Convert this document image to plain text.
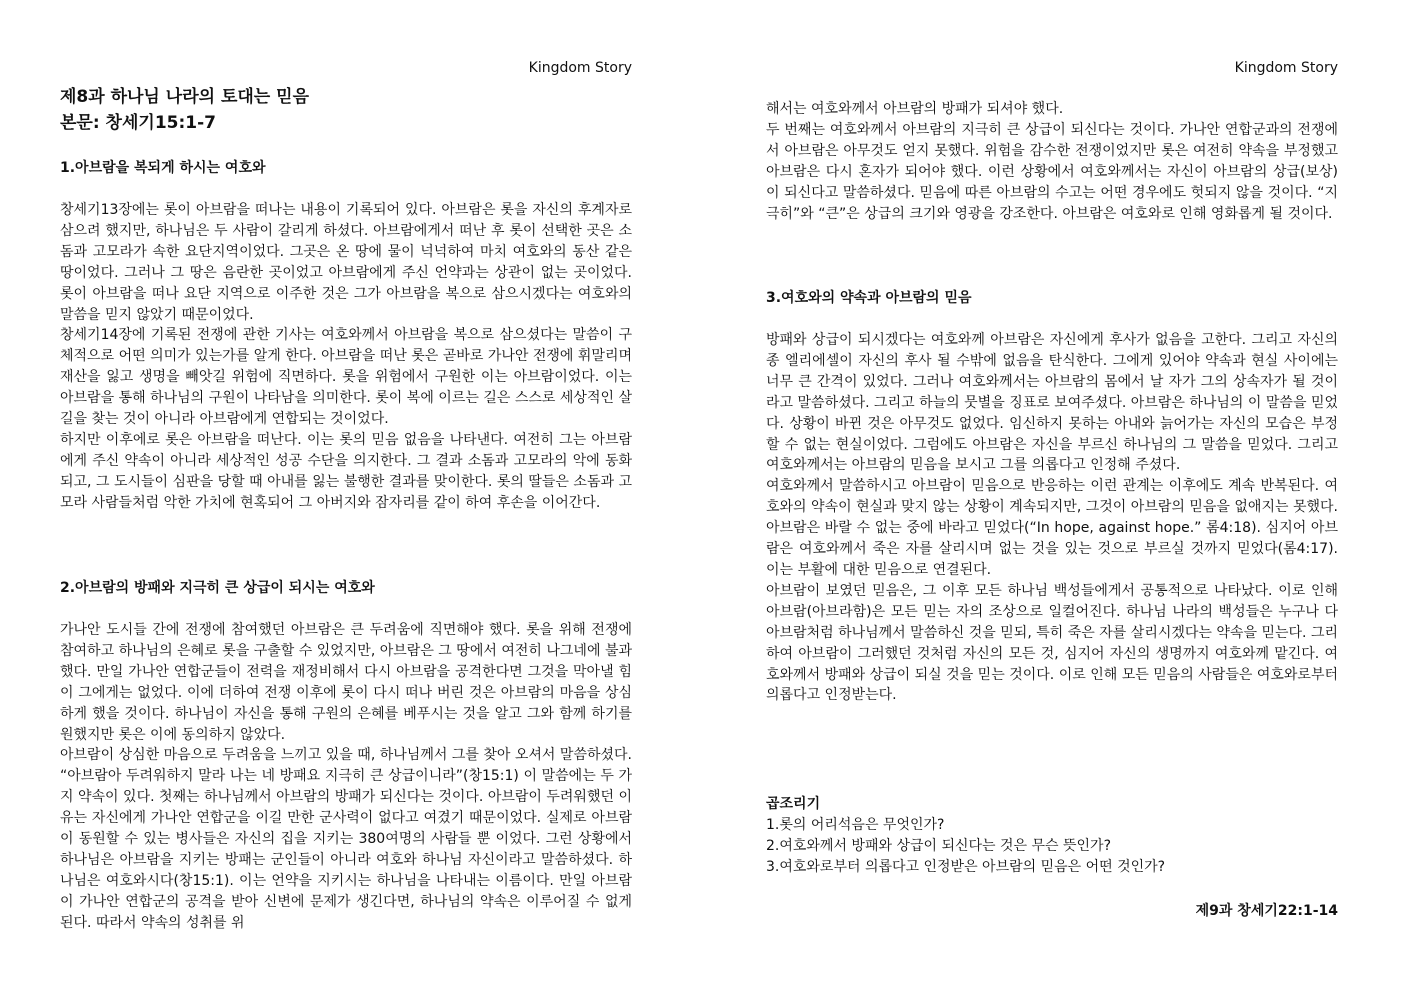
Kingdom Story

제8과 하나님 나라의 토대는 믿음

본문: 창세기15:1-7

1.아브람을 복되게 하시는 여호와

창세기13장에는 롯이 아브람을 떠나는 내용이 기록되어 있다. 아브람은 롯을 자신의 후계자로 삼으려 했지만, 하나님은 두 사람이 갈리게 하셨다. 아브람에게서 떠난 후 롯이 선택한 곳은 소돔과 고모라가 속한 요단지역이었다. 그곳은 온 땅에 물이 넉넉하여 마치 여호와의 동산 같은 땅이었다. 그러나 그 땅은 음란한 곳이었고 아브람에게 주신 언약과는 상관이 없는 곳이었다. 롯이 아브람을 떠나 요단 지역으로 이주한 것은 그가 아브람을 복으로 삼으시겠다는 여호와의 말씀을 믿지 않았기 때문이었다.

창세기14장에 기록된 전쟁에 관한 기사는 여호와께서 아브람을 복으로 삼으셨다는 말씀이 구체적으로 어떤 의미가 있는가를 알게 한다. 아브람을 떠난 롯은 곧바로 가나안 전쟁에 휘말리며 재산을 잃고 생명을 빼앗길 위험에 직면하다. 롯을 위험에서 구원한 이는 아브람이었다. 이는 아브람을 통해 하나님의 구원이 나타남을 의미한다. 롯이 복에 이르는 길은 스스로 세상적인 살 길을 찾는 것이 아니라 아브람에게 연합되는 것이었다.

하지만 이후에로 롯은 아브람을 떠난다. 이는 롯의 믿음 없음을 나타낸다. 여전히 그는 아브람에게 주신 약속이 아니라 세상적인 성공 수단을 의지한다. 그 결과 소돔과 고모라의 악에 동화되고, 그 도시들이 심판을 당할 때 아내를 잃는 불행한 결과를 맞이한다. 롯의 딸들은 소돔과 고모라 사람들처럼 악한 가치에 현혹되어 그 아버지와 잠자리를 같이 하여 후손을 이어간다.

2.아브람의 방패와 지극히 큰 상급이 되시는 여호와

가나안 도시들 간에 전쟁에 참여했던 아브람은 큰 두려움에 직면해야 했다. 롯을 위해 전쟁에 참여하고 하나님의 은혜로 롯을 구출할 수 있었지만, 아브람은 그 땅에서 여전히 나그네에 불과했다. 만일 가나안 연합군들이 전력을 재정비해서 다시 아브람을 공격한다면 그것을 막아낼 힘이 그에게는 없었다. 이에 더하여 전쟁 이후에 롯이 다시 떠나 버린 것은 아브람의 마음을 상심하게 했을 것이다. 하나님이 자신을 통해 구원의 은혜를 베푸시는 것을 알고 그와 함께 하기를 원했지만 롯은 이에 동의하지 않았다.

아브람이 상심한 마음으로 두려움을 느끼고 있을 때, 하나님께서 그를 찾아 오셔서 말씀하셨다. “아브람아 두려워하지 말라 나는 네 방패요 지극히 큰 상급이니라”(창15:1) 이 말씀에는 두 가지 약속이 있다. 첫째는 하나님께서 아브람의 방패가 되신다는 것이다. 아브람이 두려워했던 이유는 자신에게 가나안 연합군을 이길 만한 군사력이 없다고 여겼기 때문이었다. 실제로 아브람이 동원할 수 있는 병사들은 자신의 집을 지키는 380여명의 사람들 뿐 이었다. 그런 상황에서 하나님은 아브람을 지키는 방패는 군인들이 아니라 여호와 하나님 자신이라고 말씀하셨다. 하나님은 여호와시다(창15:1). 이는 언약을 지키시는 하나님을 나타내는 이름이다. 만일 아브람이 가나안 연합군의 공격을 받아 신변에 문제가 생긴다면, 하나님의 약속은 이루어질 수 없게 된다. 따라서 약속의 성취를 위

Kingdom Story

해서는 여호와께서 아브람의 방패가 되셔야 했다.

두 번째는 여호와께서 아브람의 지극히 큰 상급이 되신다는 것이다. 가나안 연합군과의 전쟁에서 아브람은 아무것도 얻지 못했다. 위험을 감수한 전쟁이었지만 롯은 여전히 약속을 부정했고 아브람은 다시 혼자가 되어야 했다. 이런 상황에서 여호와께서는 자신이 아브람의 상급(보상)이 되신다고 말씀하셨다. 믿음에 따른 아브람의 수고는 어떤 경우에도 헛되지 않을 것이다. “지극히”와 “큰”은 상급의 크기와 영광을 강조한다. 아브람은 여호와로 인해 영화롭게 될 것이다.

3.여호와의 약속과 아브람의 믿음

방패와 상급이 되시겠다는 여호와께 아브람은 자신에게 후사가 없음을 고한다. 그리고 자신의 종 엘리에셀이 자신의 후사 될 수밖에 없음을 탄식한다. 그에게 있어야 약속과 현실 사이에는 너무 큰 간격이 있었다. 그러나 여호와께서는 아브람의 몸에서 날 자가 그의 상속자가 될 것이라고 말씀하셨다. 그리고 하늘의 뭇별을 징표로 보여주셨다. 아브람은 하나님의 이 말씀을 믿었다. 상황이 바뀐 것은 아무것도 없었다. 임신하지 못하는 아내와 늙어가는 자신의 모습은 부정할 수 없는 현실이었다. 그럼에도 아브람은 자신을 부르신 하나님의 그 말씀을 믿었다. 그리고 여호와께서는 아브람의 믿음을 보시고 그를 의롭다고 인정해 주셨다.

여호와께서 말씀하시고 아브람이 믿음으로 반응하는 이런 관계는 이후에도 계속 반복된다. 여호와의 약속이 현실과 맞지 않는 상황이 계속되지만, 그것이 아브람의 믿음을 없애지는 못했다. 아브람은 바랄 수 없는 중에 바라고 믿었다(“In hope, against hope.” 롬4:18). 심지어 아브람은 여호와께서 죽은 자를 살리시며 없는 것을 있는 것으로 부르실 것까지 믿었다(롬4:17). 이는 부활에 대한 믿음으로 연결된다.

아브람이 보였던 믿음은, 그 이후 모든 하나님 백성들에게서 공통적으로 나타났다. 이로 인해 아브람(아브라함)은 모든 믿는 자의 조상으로 일컬어진다. 하나님 나라의 백성들은 누구나 다 아브람처럼 하나님께서 말씀하신 것을 믿되, 특히 죽은 자를 살리시겠다는 약속을 믿는다. 그리하여 아브람이 그러했던 것처럼 자신의 모든 것, 심지어 자신의 생명까지 여호와께 맡긴다. 여호와께서 방패와 상급이 되실 것을 믿는 것이다. 이로 인해 모든 믿음의 사람들은 여호와로부터 의롭다고 인정받는다.

곱조리기

1.롯의 어리석음은 무엇인가?

2.여호와께서 방패와 상급이 되신다는 것은 무슨 뜻인가?

3.여호와로부터 의롭다고 인정받은 아브람의 믿음은 어떤 것인가?

제9과 창세기22:1-14
